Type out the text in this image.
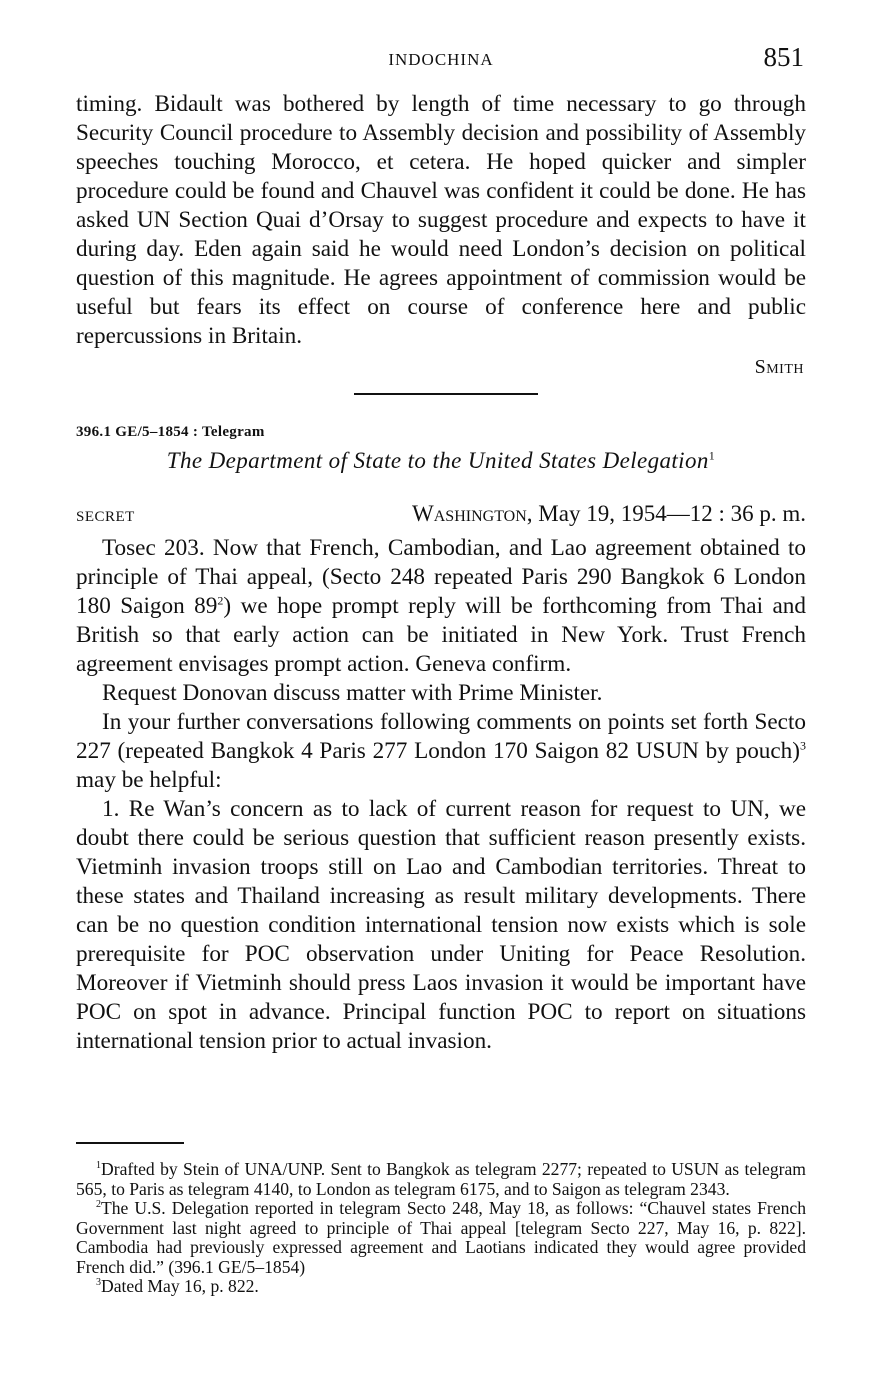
INDOCHINA	851

timing. Bidault was bothered by length of time necessary to go through Security Council procedure to Assembly decision and possibility of Assembly speeches touching Morocco, et cetera. He hoped quicker and simpler procedure could be found and Chauvel was confident it could be done. He has asked UN Section Quai d’Orsay to suggest procedure and expects to have it during day. Eden again said he would need London’s decision on political question of this magnitude. He agrees appointment of commission would be useful but fears its effect on course of conference here and public repercussions in Britain.

Smith
396.1 GE/5–1854 : Telegram
The Department of State to the United States Delegation$^1$
SECRET	Washington, May 19, 1954—12 : 36 p. m.

Tosec 203. Now that French, Cambodian, and Lao agreement obtained to principle of Thai appeal, (Secto 248 repeated Paris 290 Bangkok 6 London 180 Saigon $89^2$) we hope prompt reply will be forthcoming from Thai and British so that early action can be initiated in New York. Trust French agreement envisages prompt action. Geneva confirm.

Request Donovan discuss matter with Prime Minister.

In your further conversations following comments on points set forth Secto 227 (repeated Bangkok 4 Paris 277 London 170 Saigon 82 USUN by pouch)$^3$ may be helpful:

1. Re Wan’s concern as to lack of current reason for request to UN, we doubt there could be serious question that sufficient reason presently exists. Vietminh invasion troops still on Lao and Cambodian territories. Threat to these states and Thailand increasing as result military developments. There can be no question condition international tension now exists which is sole prerequisite for POC observation under Uniting for Peace Resolution. Moreover if Vietminh should press Laos invasion it would be important have POC on spot in advance. Principal function POC to report on situations international tension prior to actual invasion.

$^1$Drafted by Stein of UNA/UNP. Sent to Bangkok as telegram 2277; repeated to USUN as telegram 565, to Paris as telegram 4140, to London as telegram 6175, and to Saigon as telegram 2343.

$^2$The U.S. Delegation reported in telegram Secto 248, May 18, as follows: “Chauvel states French Government last night agreed to principle of Thai appeal [telegram Secto 227, May 16, p. 822]. Cambodia had previously expressed agreement and Laotians indicated they would agree provided French did.” (396.1 GE/5–1854)

$^3$Dated May 16, p. 822.
